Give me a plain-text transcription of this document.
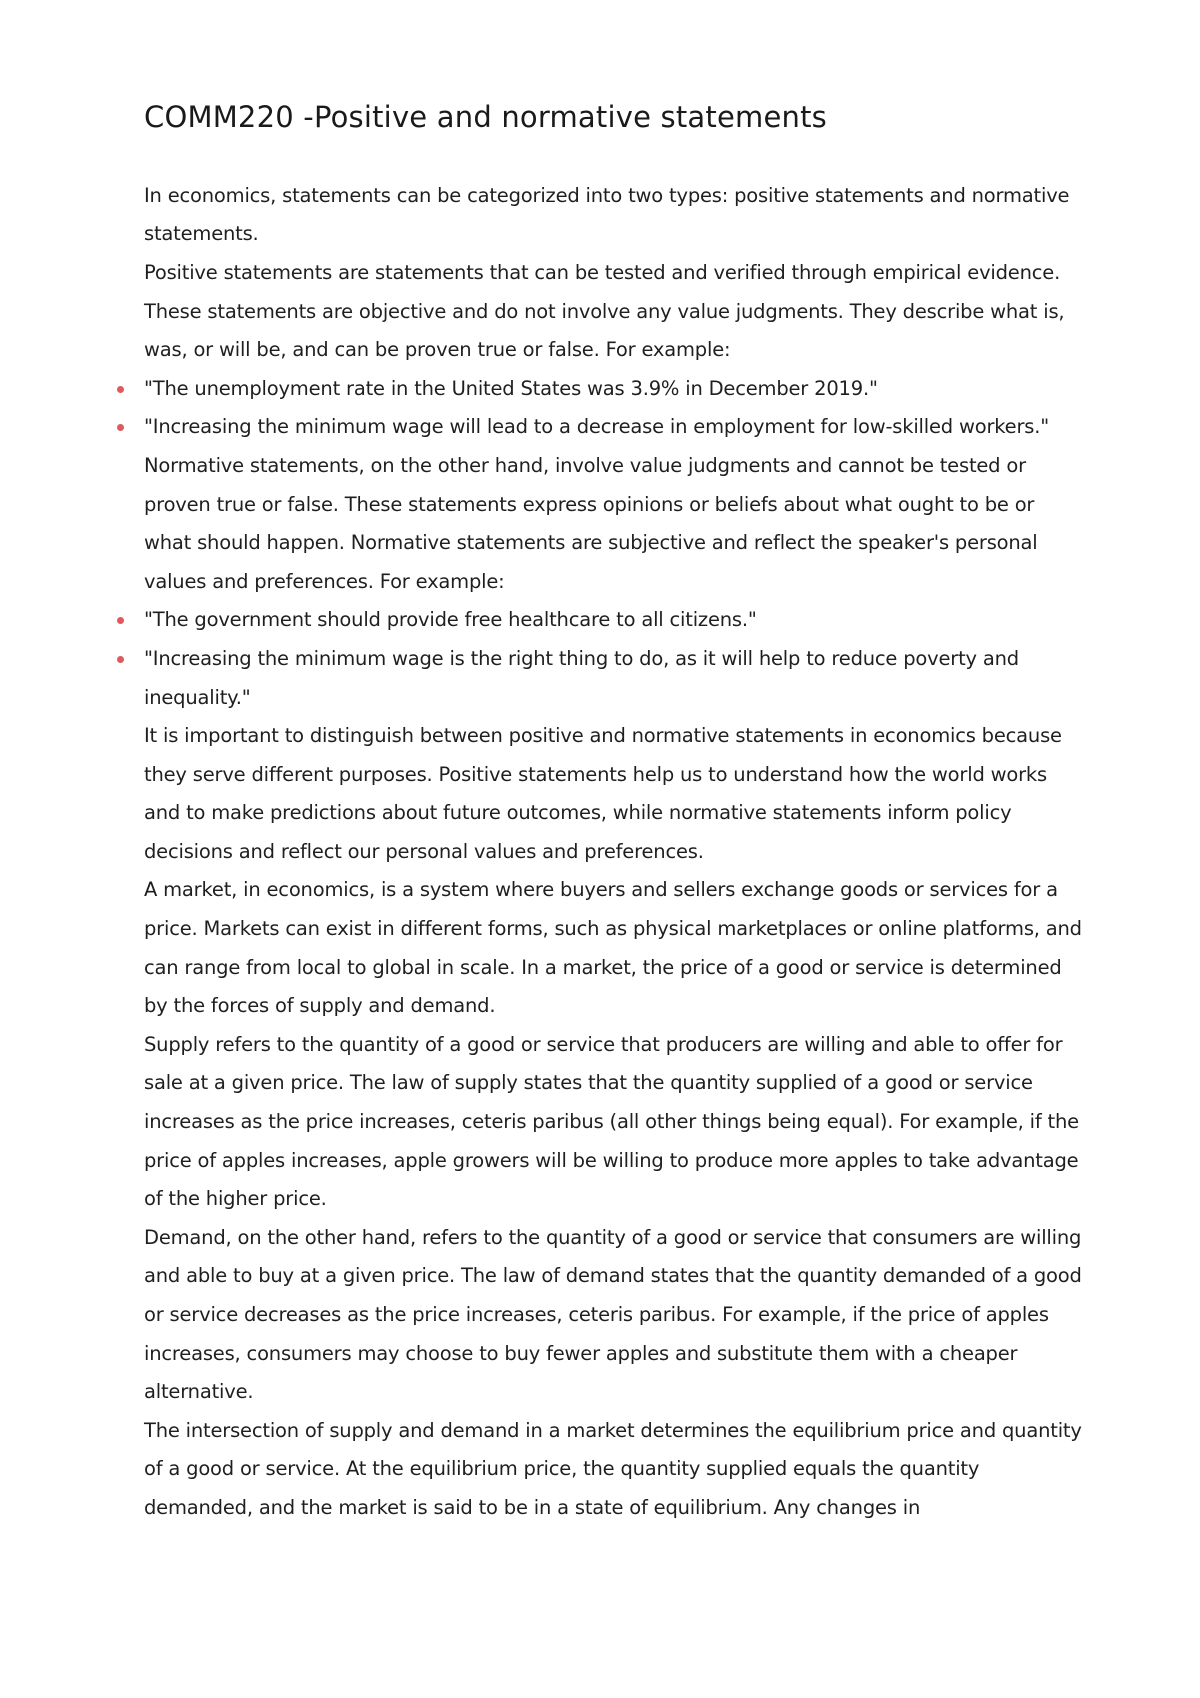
COMM220 -Positive and normative statements

In economics, statements can be categorized into two types: positive statements and normative statements.

Positive statements are statements that can be tested and verified through empirical evidence. These statements are objective and do not involve any value judgments. They describe what is, was, or will be, and can be proven true or false. For example:

"The unemployment rate in the United States was 3.9% in December 2019."
"Increasing the minimum wage will lead to a decrease in employment for low-skilled workers."

Normative statements, on the other hand, involve value judgments and cannot be tested or proven true or false. These statements express opinions or beliefs about what ought to be or what should happen. Normative statements are subjective and reflect the speaker's personal values and preferences. For example:

"The government should provide free healthcare to all citizens."
"Increasing the minimum wage is the right thing to do, as it will help to reduce poverty and inequality."

It is important to distinguish between positive and normative statements in economics because they serve different purposes. Positive statements help us to understand how the world works and to make predictions about future outcomes, while normative statements inform policy decisions and reflect our personal values and preferences.

A market, in economics, is a system where buyers and sellers exchange goods or services for a price. Markets can exist in different forms, such as physical marketplaces or online platforms, and can range from local to global in scale. In a market, the price of a good or service is determined by the forces of supply and demand.

Supply refers to the quantity of a good or service that producers are willing and able to offer for sale at a given price. The law of supply states that the quantity supplied of a good or service increases as the price increases, ceteris paribus (all other things being equal). For example, if the price of apples increases, apple growers will be willing to produce more apples to take advantage of the higher price.

Demand, on the other hand, refers to the quantity of a good or service that consumers are willing and able to buy at a given price. The law of demand states that the quantity demanded of a good or service decreases as the price increases, ceteris paribus. For example, if the price of apples increases, consumers may choose to buy fewer apples and substitute them with a cheaper alternative.

The intersection of supply and demand in a market determines the equilibrium price and quantity of a good or service. At the equilibrium price, the quantity supplied equals the quantity demanded, and the market is said to be in a state of equilibrium. Any changes in
